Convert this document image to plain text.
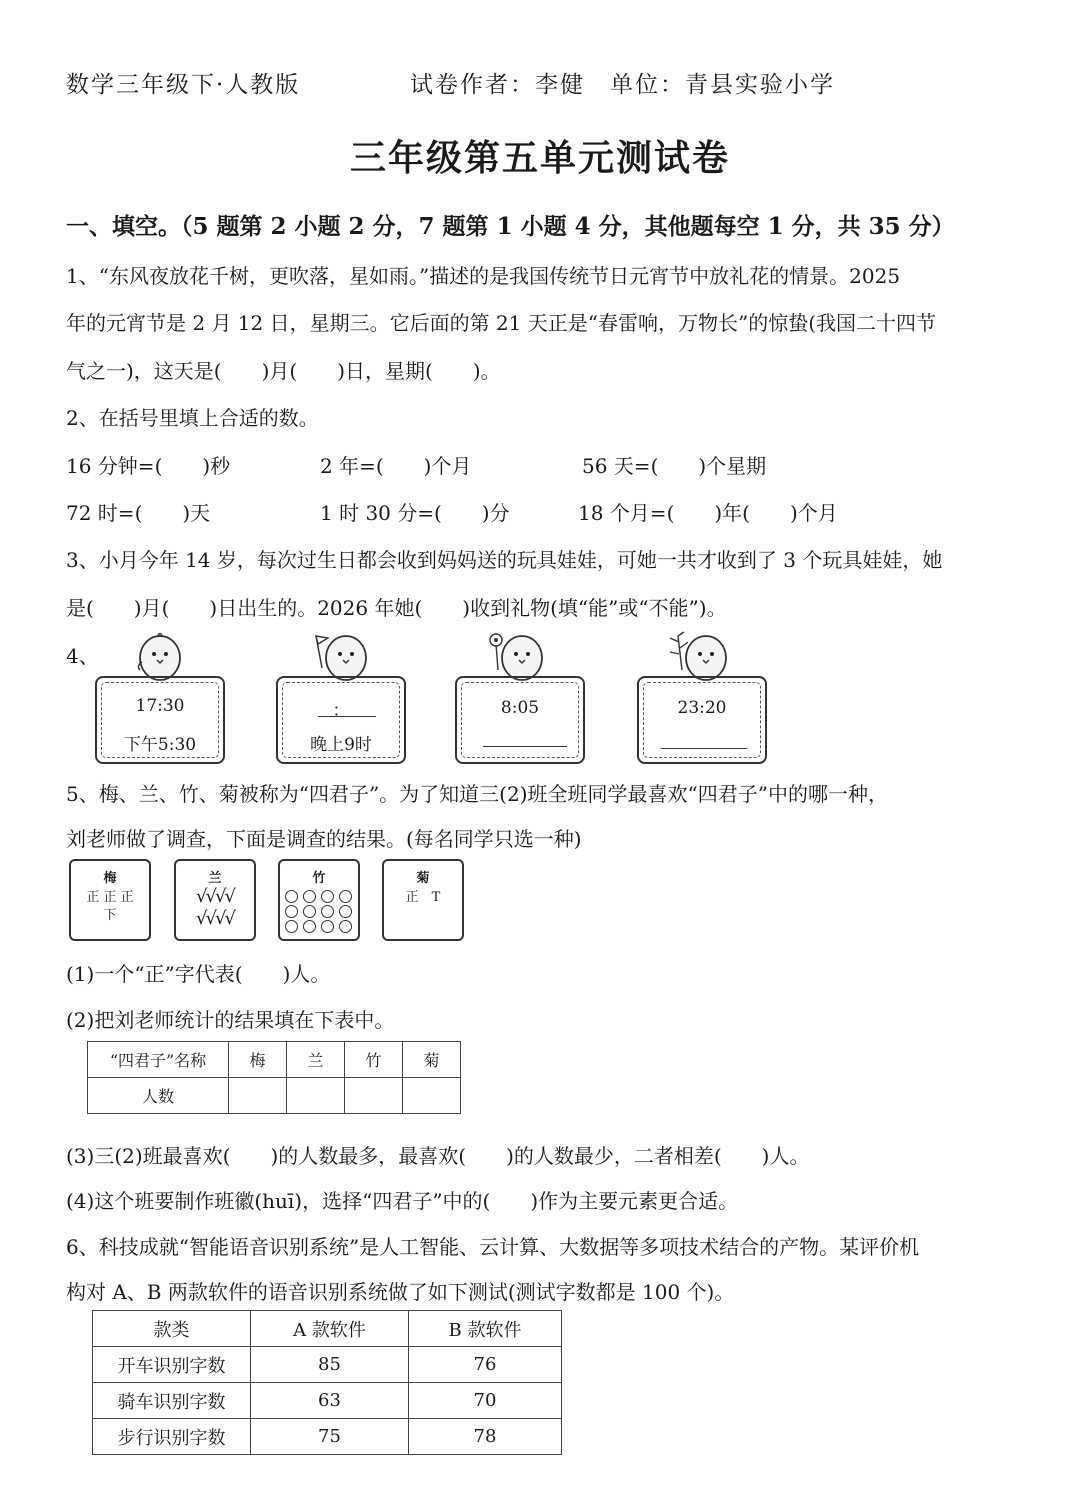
数学三年级下·人教版	试卷作者：李健　单位：青县实验小学
三年级第五单元测试卷
一、填空。（5 题第 2 小题 2 分，7 题第 1 小题 4 分，其他题每空 1 分，共 35 分）
1、“东风夜放花千树，更吹落，星如雨。”描述的是我国传统节日元宵节中放礼花的情景。2025
年的元宵节是 2 月 12 日，星期三。它后面的第 21 天正是“春雷响，万物长”的惊蛰(我国二十四节
气之一)，这天是(　　)月(　　)日，星期(　　)。
2、在括号里填上合适的数。
16 分钟=(　　)秒	2 年=(　　)个月	56 天=(　　)个星期
72 时=(　　)天	1 时 30 分=(　　)分	18 个月=(　　)年(　　)个月
3、小月今年 14 岁，每次过生日都会收到妈妈送的玩具娃娃，可她一共才收到了 3 个玩具娃娃，她
是(　　)月(　　)日出生的。2026 年她(　　)收到礼物(填“能”或“不能”)。
4、
17:30
下午5:30
：
晚上9时
8:05	23:20
5、梅、兰、竹、菊被称为“四君子”。为了知道三(2)班全班同学最喜欢“四君子”中的哪一种，
刘老师做了调查，下面是调查的结果。(每名同学只选一种)
梅
正 正 正
下
兰
√√√√
√√√√
竹	菊
正　T
(1)一个“正”字代表(　　)人。
(2)把刘老师统计的结果填在下表中。
“四君子”名称	梅	兰	竹	菊
人数				
(3)三(2)班最喜欢(　　)的人数最多，最喜欢(　　)的人数最少，二者相差(　　)人。
(4)这个班要制作班徽(huī)，选择“四君子”中的(　　)作为主要元素更合适。
6、科技成就“智能语音识别系统”是人工智能、云计算、大数据等多项技术结合的产物。某评价机
构对 A、B 两款软件的语音识别系统做了如下测试(测试字数都是 100 个)。
款类	A 款软件	B 款软件
开车识别字数	85	76
骑车识别字数	63	70
步行识别字数	75	78
